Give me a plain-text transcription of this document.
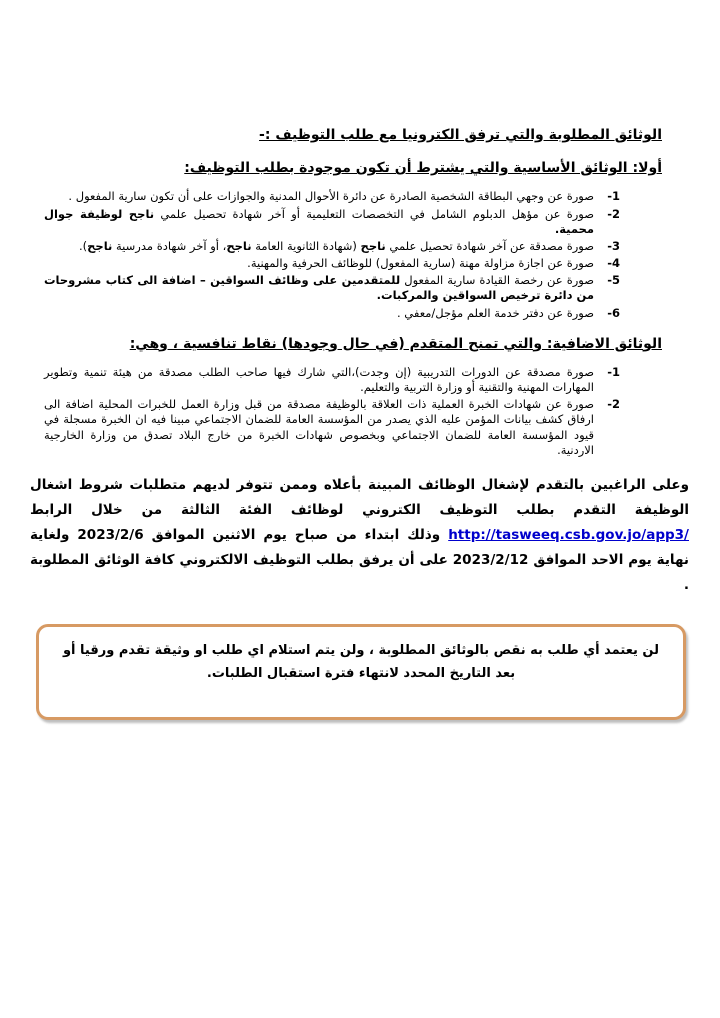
الوثائق المطلوبة والتي ترفق الكترونيا مع طلب التوظيف :-
أولا: الوثائق الأساسية والتي يشترط أن تكون موجودة بطلب التوظيف:
1-
صورة عن وجهي البطاقة الشخصية الصادرة عن دائرة الأحوال المدنية والجوازات على أن تكون سارية المفعول .
2-
صورة عن مؤهل الدبلوم الشامل في التخصصات التعليمية أو آخر شهادة تحصيل علمي ناجح لوظيفة جوال محمية.
3-
صورة مصدقة عن آخر شهادة تحصيل علمي ناجح (شهادة الثانوية العامة ناجح، أو آخر شهادة مدرسية ناجح).
4-
صورة عن اجازة مزاولة مهنة (سارية المفعول) للوظائف الحرفية والمهنية.
5-
صورة عن رخصة القيادة سارية المفعول للمتقدمين على وظائف السواقين – اضافة الى كتاب مشروحات من دائرة ترخيص السواقين والمركبات.
6-
صورة عن دفتر خدمة العلم مؤجل/معفي .
الوثائق الاضافية: والتي تمنح المتقدم (في حال وجودها) نقاط تنافسية ، وهي:
1-
صورة مصدقة عن الدورات التدريبية (إن وجدت)،التي شارك فيها صاحب الطلب مصدقة من هيئة تنمية وتطوير المهارات المهنية والتقنية أو وزارة التربية والتعليم.
2-
صورة عن شهادات الخبرة العملية ذات العلاقة بالوظيفة مصدقة من قبل وزارة العمل للخبرات المحلية اضافة الى ارفاق كشف بيانات المؤمن عليه الذي يصدر من المؤسسة العامة للضمان الاجتماعي مبينا فيه ان الخبرة مسجلة في قيود المؤسسة العامة للضمان الاجتماعي وبخصوص شهادات الخبرة من خارج البلاد تصدق من وزارة الخارجية الاردنية.
وعلى الراغبين بالتقدم لإشغال الوظائف المبينة بأعلاه وممن تتوفر لديهم متطلبات شروط اشغال الوظيفة التقدم بطلب التوظيف الكتروني لوظائف الفئة الثالثة من خلال الرابط http://tasweeq.csb.gov.jo/app3/ وذلك ابتداء من صباح يوم الاثنين الموافق 2023/2/6 ولغاية نهاية يوم الاحد الموافق 2023/2/12 على أن يرفق بطلب التوظيف الالكتروني كافة الوثائق المطلوبة .
لن يعتمد أي طلب به نقص بالوثائق المطلوبة ، ولن يتم استلام اي طلب او وثيقة تقدم ورقيا أو بعد التاريخ المحدد لانتهاء فترة استقبال الطلبات.
